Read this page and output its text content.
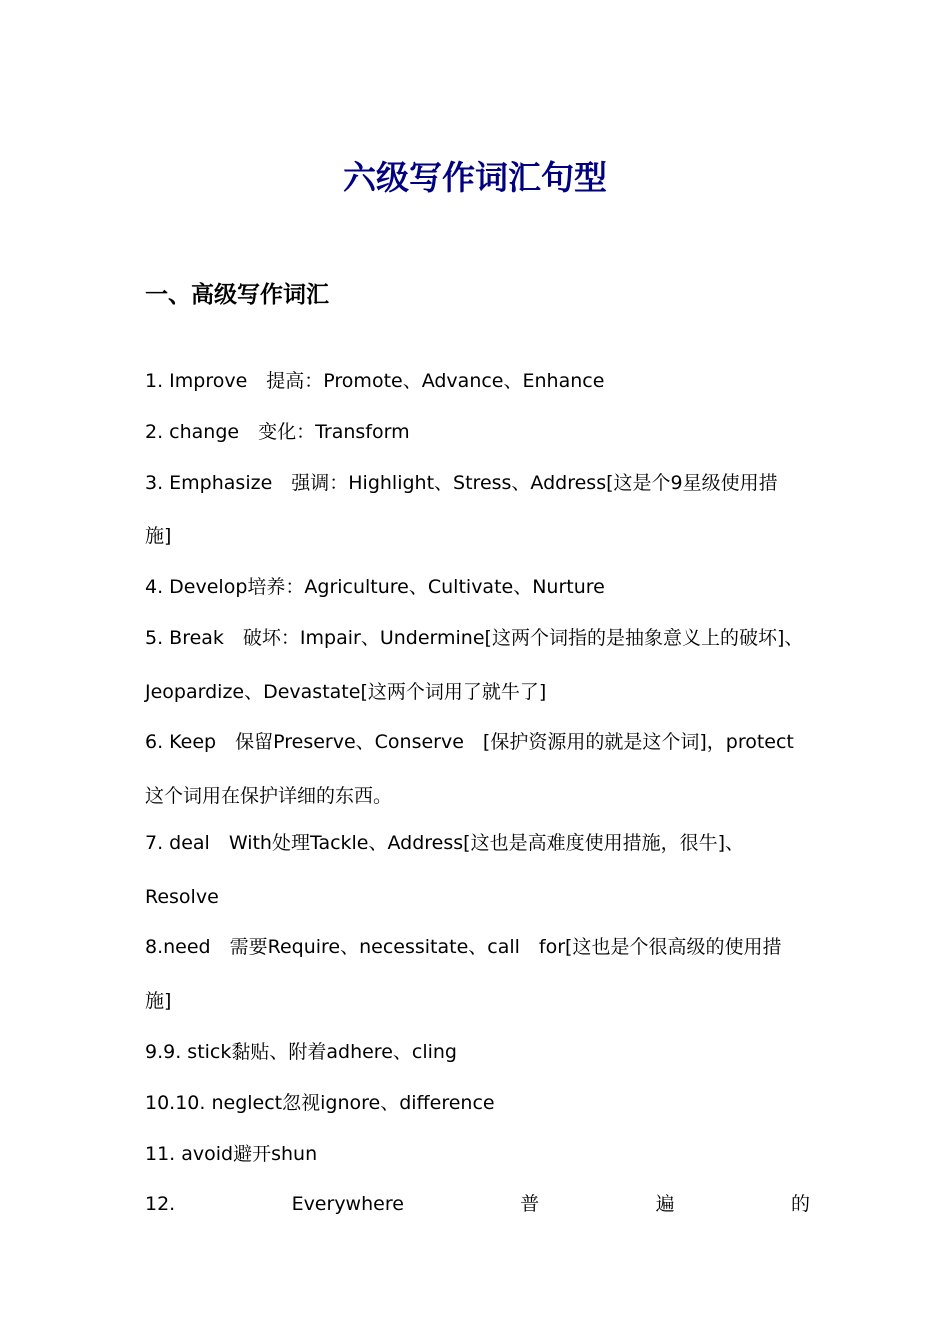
六级写作词汇句型
一、高级写作词汇

1. Improve　提高：Promote、Advance、Enhance

2. change　变化：Transform

3. Emphasize　强调：Highlight、Stress、Address[这是个9星级使用措

施]

4. Develop培养：Agriculture、Cultivate、Nurture

5. Break　破坏：Impair、Undermine[这两个词指的是抽象意义上的破坏]、

Jeopardize、Devastate[这两个词用了就牛了]

6. Keep　保留Preserve、Conserve　[保护资源用的就是这个词]，protect

这个词用在保护详细的东西。

7. deal　With处理Tackle、Address[这也是高难度使用措施，很牛]、

Resolve

8.need　需要Require、necessitate、call　for[这也是个很高级的使用措

施]

9.9. stick黏贴、附着adhere、cling

10.10. neglect忽视ignore、difference

11. avoid避开shun

12.	Everywhere	普	遍	的
